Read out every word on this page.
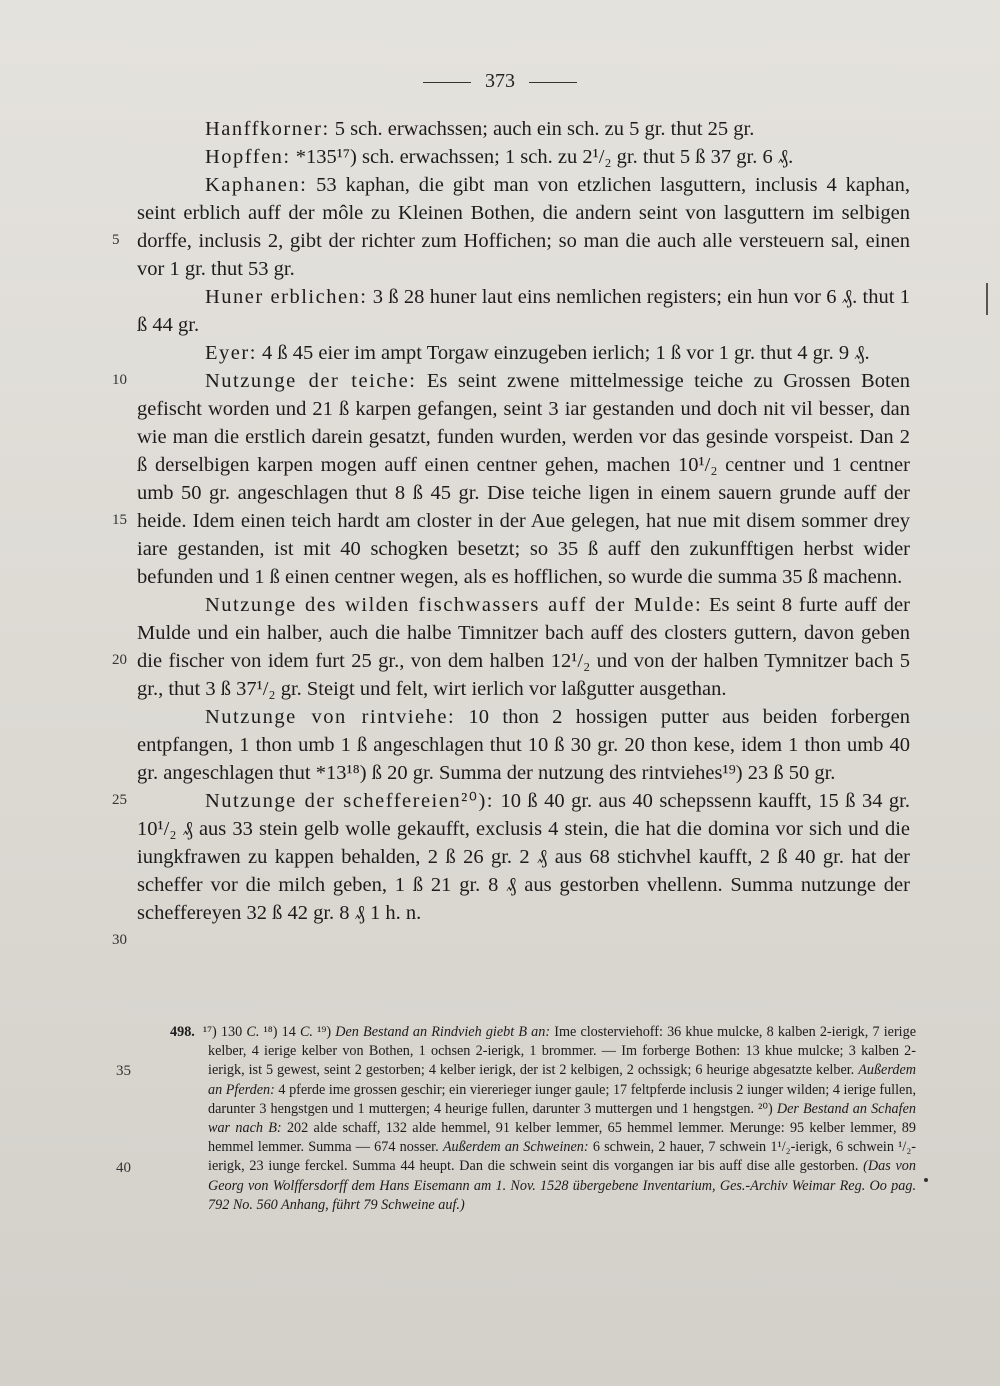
373

Hanffkorner: 5 sch. erwachssen; auch ein sch. zu 5 gr. thut 25 gr.

Hopffen: *135¹⁷) sch. erwachssen; 1 sch. zu 2¹/₂ gr. thut 5 ß 37 gr. 6 ₰.

Kaphanen: 53 kaphan, die gibt man von etzlichen lasguttern, inclusis 4 kaphan, seint erblich auff der môle zu Kleinen Bothen, die andern seint von lasguttern im selbigen dorffe, inclusis 2, gibt der richter zum Hoffichen; so man die auch alle versteuern sal, einen vor 1 gr. thut 53 gr.

Huner erblichen: 3 ß 28 huner laut eins nemlichen registers; ein hun vor 6 ₰. thut 1 ß 44 gr.

Eyer: 4 ß 45 eier im ampt Torgaw einzugeben ierlich; 1 ß vor 1 gr. thut 4 gr. 9 ₰.

Nutzunge der teiche: Es seint zwene mittelmessige teiche zu Grossen Boten gefischt worden und 21 ß karpen gefangen, seint 3 iar gestanden und doch nit vil besser, dan wie man die erstlich darein gesatzt, funden wurden, werden vor das gesinde vorspeist. Dan 2 ß derselbigen karpen mogen auff einen centner gehen, machen 10¹/₂ centner und 1 centner umb 50 gr. angeschlagen thut 8 ß 45 gr. Dise teiche ligen in einem sauern grunde auff der heide. Idem einen teich hardt am closter in der Aue gelegen, hat nue mit disem sommer drey iare gestanden, ist mit 40 schogken besetzt; so 35 ß auff den zukunfftigen herbst wider befunden und 1 ß einen centner wegen, als es hofflichen, so wurde die summa 35 ß machenn.

Nutzunge des wilden fischwassers auff der Mulde: Es seint 8 furte auff der Mulde und ein halber, auch die halbe Timnitzer bach auff des closters guttern, davon geben die fischer von idem furt 25 gr., von dem halben 12¹/₂ und von der halben Tymnitzer bach 5 gr., thut 3 ß 37¹/₂ gr. Steigt und felt, wirt ierlich vor laßgutter ausgethan.

Nutzunge von rintviehe: 10 thon 2 hossigen putter aus beiden forbergen entpfangen, 1 thon umb 1 ß angeschlagen thut 10 ß 30 gr. 20 thon kese, idem 1 thon umb 40 gr. angeschlagen thut *13¹⁸) ß 20 gr. Summa der nutzung des rintviehes¹⁹) 23 ß 50 gr.

Nutzunge der scheffereien²⁰): 10 ß 40 gr. aus 40 schepssenn kaufft, 15 ß 34 gr. 10¹/₂ ₰ aus 33 stein gelb wolle gekaufft, exclusis 4 stein, die hat die domina vor sich und die iungkfrawen zu kappen behalden, 2 ß 26 gr. 2 ₰ aus 68 stichvhel kaufft, 2 ß 40 gr. hat der scheffer vor die milch geben, 1 ß 21 gr. 8 ₰ aus gestorben vhellenn. Summa nutzunge der scheffereyen 32 ß 42 gr. 8 ₰ 1 h. n.

5
10
15
20
25
30

498. ¹⁷) 130 C. ¹⁸) 14 C. ¹⁹) Den Bestand an Rindvieh giebt B an: Ime closterviehoff: 36 khue mulcke, 8 kalben 2-ierigk, 7 ierige kelber, 4 ierige kelber von Bothen, 1 ochsen 2-ierigk, 1 brommer. — Im forberge Bothen: 13 khue mulcke; 3 kalben 2-ierigk, ist 5 gewest, seint 2 gestorben; 4 kelber ierigk, der ist 2 kelbigen, 2 ochssigk; 6 heurige abgesatzte kelber. Außerdem an Pferden: 4 pferde ime grossen geschir; ein viererieger iunger gaule; 17 feltpferde inclusis 2 iunger wilden; 4 ierige fullen, darunter 3 hengstgen und 1 muttergen; 4 heurige fullen, darunter 3 muttergen und 1 hengstgen. ²⁰) Der Bestand an Schafen war nach B: 202 alde schaff, 132 alde hemmel, 91 kelber lemmer, 65 hemmel lemmer. Merunge: 95 kelber lemmer, 89 hemmel lemmer. Summa — 674 nosser. Außerdem an Schweinen: 6 schwein, 2 hauer, 7 schwein 1¹/₂-ierigk, 6 schwein ¹/₂-ierigk, 23 iunge ferckel. Summa 44 heupt. Dan die schwein seint dis vorgangen iar bis auff dise alle gestorben. (Das von Georg von Wolffersdorff dem Hans Eisemann am 1. Nov. 1528 übergebene Inventarium, Ges.-Archiv Weimar Reg. Oo pag. 792 No. 560 Anhang, führt 79 Schweine auf.)

35
40
